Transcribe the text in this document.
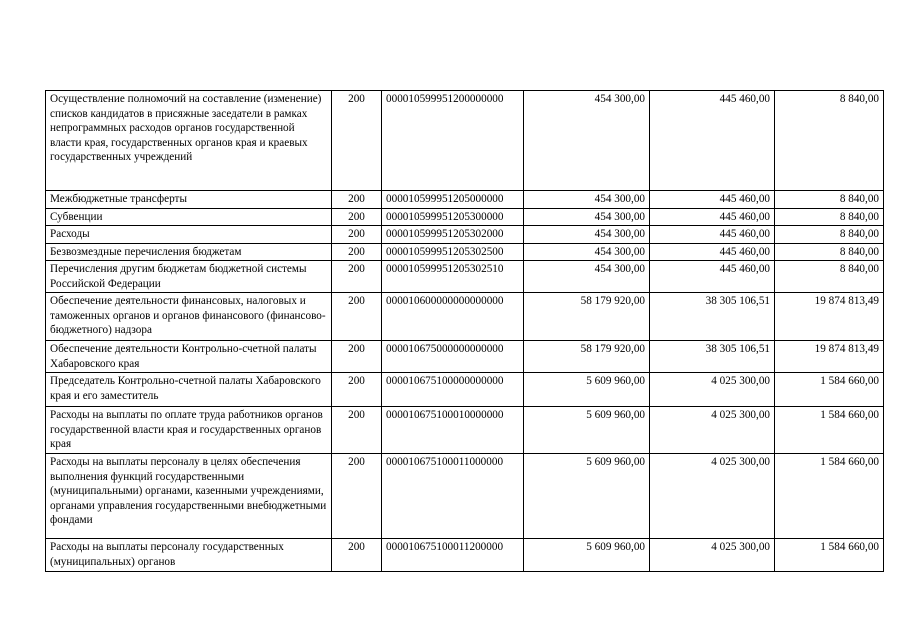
Осуществление полномочий на составление (изменение) списков кандидатов в присяжные заседатели в рамках непрограммных расходов органов государственной власти края, государственных органов края и краевых государственных учреждений	200	000010599951200000000	454 300,00	445 460,00	8 840,00
Межбюджетные трансферты	200	000010599951205000000	454 300,00	445 460,00	8 840,00
Субвенции	200	000010599951205300000	454 300,00	445 460,00	8 840,00
Расходы	200	000010599951205302000	454 300,00	445 460,00	8 840,00
Безвозмездные перечисления бюджетам	200	000010599951205302500	454 300,00	445 460,00	8 840,00
Перечисления другим бюджетам бюджетной системы Российской Федерации	200	000010599951205302510	454 300,00	445 460,00	8 840,00
Обеспечение деятельности финансовых, налоговых и таможенных органов и органов финансового (финансово-бюджетного) надзора	200	000010600000000000000	58 179 920,00	38 305 106,51	19 874 813,49
Обеспечение деятельности Контрольно-счетной палаты Хабаровского края	200	000010675000000000000	58 179 920,00	38 305 106,51	19 874 813,49
Председатель Контрольно-счетной палаты Хабаровского края и его заместитель	200	000010675100000000000	5 609 960,00	4 025 300,00	1 584 660,00
Расходы на выплаты по оплате труда работников органов государственной власти края и государственных органов края	200	000010675100010000000	5 609 960,00	4 025 300,00	1 584 660,00
Расходы на выплаты персоналу в целях обеспечения выполнения функций государственными (муниципальными) органами, казенными учреждениями, органами управления государственными внебюджетными фондами	200	000010675100011000000	5 609 960,00	4 025 300,00	1 584 660,00
Расходы на выплаты персоналу государственных (муниципальных) органов	200	000010675100011200000	5 609 960,00	4 025 300,00	1 584 660,00
